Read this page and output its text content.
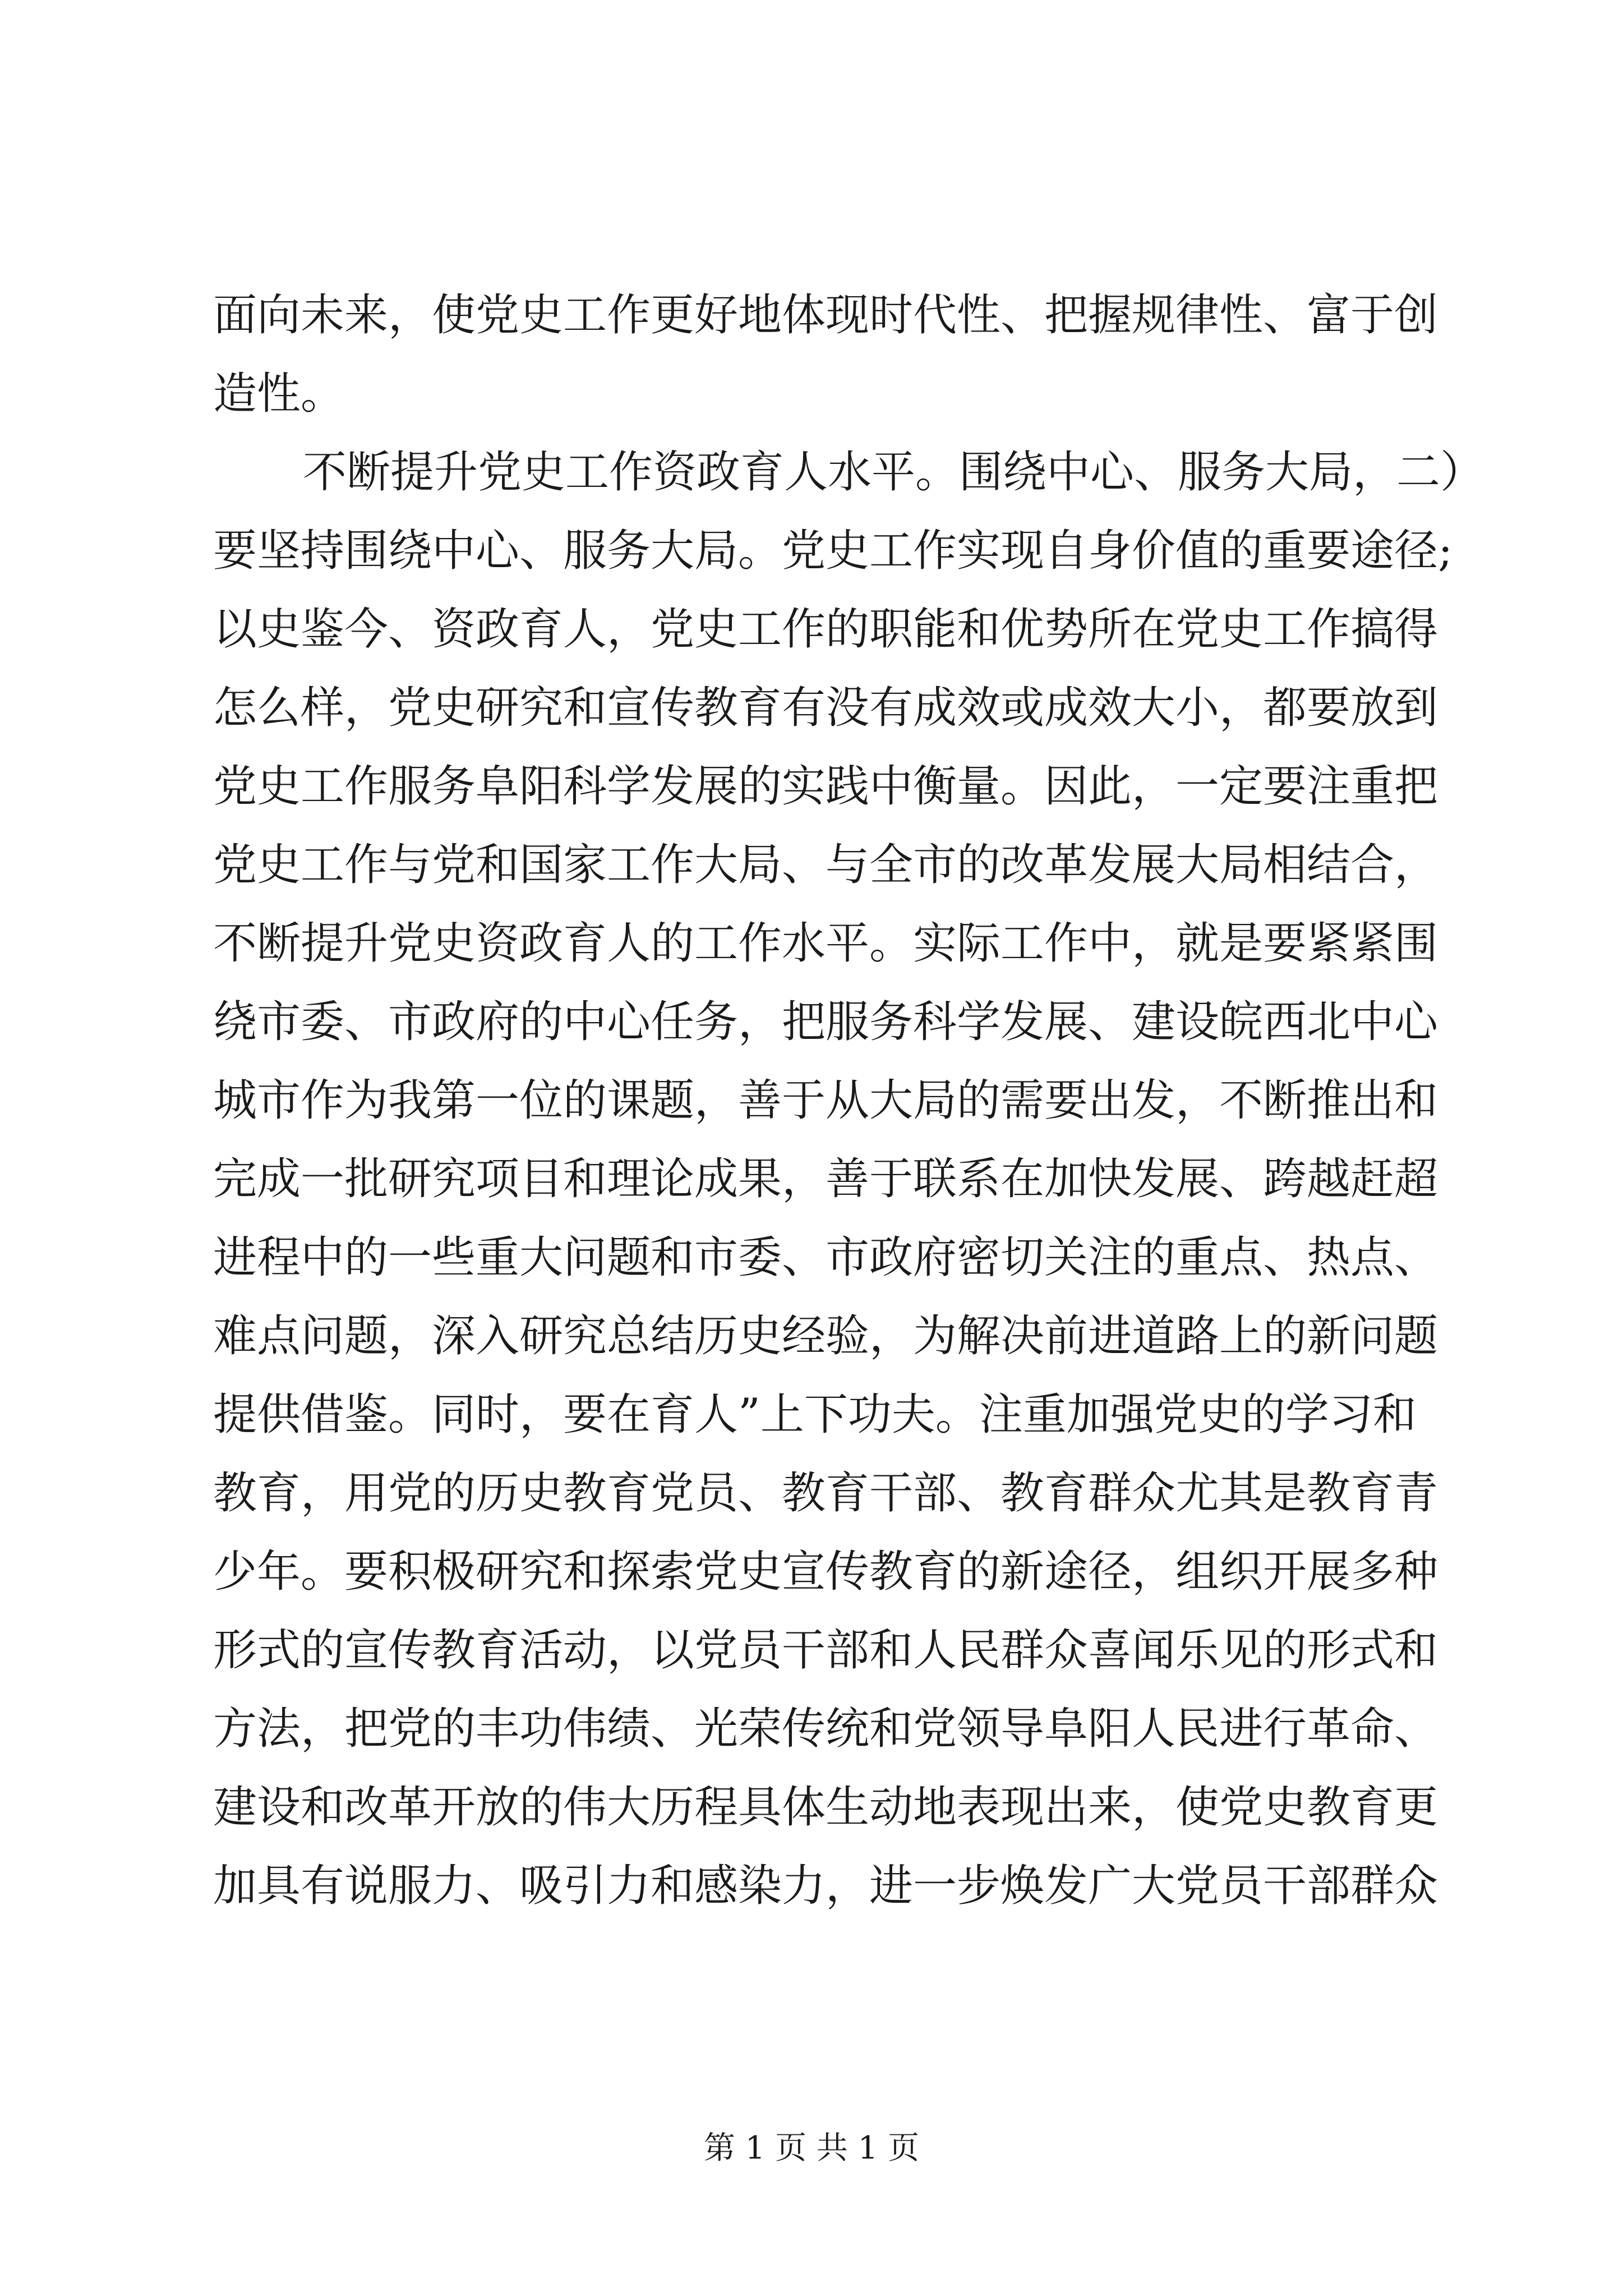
面向未来，使党史工作更好地体现时代性、把握规律性、富于创
造性。
不断提升党史工作资政育人水平。围绕中心、服务大局，二）
要坚持围绕中心、服务大局。党史工作实现自身价值的重要途径;
以史鉴今、资政育人，党史工作的职能和优势所在党史工作搞得
怎么样，党史研究和宣传教育有没有成效或成效大小，都要放到
党史工作服务阜阳科学发展的实践中衡量。因此，一定要注重把
党史工作与党和国家工作大局、与全市的改革发展大局相结合，
不断提升党史资政育人的工作水平。实际工作中，就是要紧紧围
绕市委、市政府的中心任务，把服务科学发展、建设皖西北中心
城市作为我第一位的课题，善于从大局的需要出发，不断推出和
完成一批研究项目和理论成果，善于联系在加快发展、跨越赶超
进程中的一些重大问题和市委、市政府密切关注的重点、热点、
难点问题，深入研究总结历史经验，为解决前进道路上的新问题
提供借鉴。同时，要在育人”上下功夫。注重加强党史的学习和
教育，用党的历史教育党员、教育干部、教育群众尤其是教育青
少年。要积极研究和探索党史宣传教育的新途径，组织开展多种
形式的宣传教育活动，以党员干部和人民群众喜闻乐见的形式和
方法，把党的丰功伟绩、光荣传统和党领导阜阳人民进行革命、
建设和改革开放的伟大历程具体生动地表现出来，使党史教育更
加具有说服力、吸引力和感染力，进一步焕发广大党员干部群众
第 1 页 共 1 页
